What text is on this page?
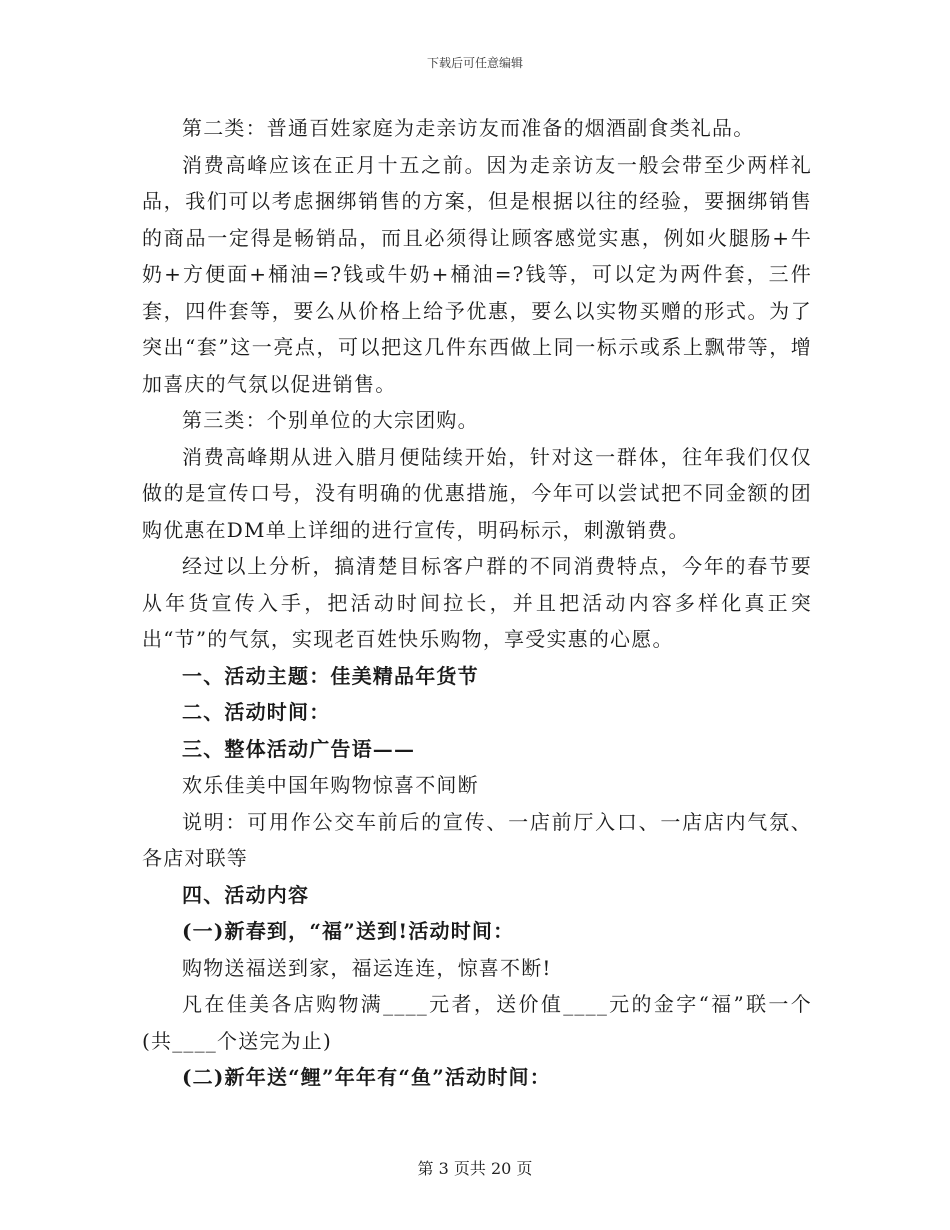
下载后可任意编辑

第二类：普通百姓家庭为走亲访友而准备的烟酒副食类礼品。

消费高峰应该在正月十五之前。因为走亲访友一般会带至少两样礼品，我们可以考虑捆绑销售的方案，但是根据以往的经验，要捆绑销售的商品一定得是畅销品，而且必须得让顾客感觉实惠，例如火腿肠+牛奶+方便面+桶油=?钱或牛奶+桶油=?钱等，可以定为两件套，三件套，四件套等，要么从价格上给予优惠，要么以实物买赠的形式。为了突出“套”这一亮点，可以把这几件东西做上同一标示或系上飘带等，增加喜庆的气氛以促进销售。

第三类：个别单位的大宗团购。

消费高峰期从进入腊月便陆续开始，针对这一群体，往年我们仅仅做的是宣传口号，没有明确的优惠措施，今年可以尝试把不同金额的团购优惠在DM单上详细的进行宣传，明码标示，刺激销费。

经过以上分析，搞清楚目标客户群的不同消费特点，今年的春节要从年货宣传入手，把活动时间拉长，并且把活动内容多样化真正突出“节”的气氛，实现老百姓快乐购物，享受实惠的心愿。

一、活动主题：佳美精品年货节

二、活动时间：

三、整体活动广告语——

欢乐佳美中国年购物惊喜不间断

说明：可用作公交车前后的宣传、一店前厅入口、一店店内气氛、各店对联等

四、活动内容

(一)新春到，“福”送到!活动时间：

购物送福送到家，福运连连，惊喜不断!

凡在佳美各店购物满____元者，送价值____元的金字“福”联一个(共____个送完为止)

(二)新年送“鲤”年年有“鱼”活动时间：

第 3 页共 20 页
